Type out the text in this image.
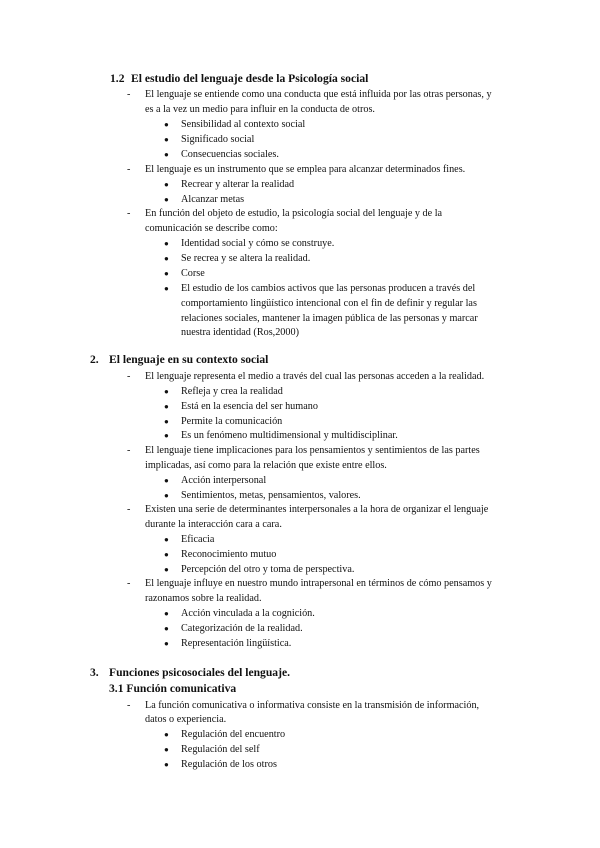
1.2 El estudio del lenguaje desde la Psicología social
- El lenguaje se entiende como una conducta que está influida por las otras personas, y
es a la vez un medio para influir en la conducta de otros.
● Sensibilidad al contexto social
● Significado social
● Consecuencias sociales.
- El lenguaje es un instrumento que se emplea para alcanzar determinados fines.
● Recrear y alterar la realidad
● Alcanzar metas
- En función del objeto de estudio, la psicología social del lenguaje y de la
comunicación se describe como:
● Identidad social y cómo se construye.
● Se recrea y se altera la realidad.
● Corse
● El estudio de los cambios activos que las personas producen a través del
comportamiento lingüístico intencional con el fin de definir y regular las
relaciones sociales, mantener la imagen pública de las personas y marcar
nuestra identidad (Ros,2000)
2. El lenguaje en su contexto social
- El lenguaje representa el medio a través del cual las personas acceden a la realidad.
● Refleja y crea la realidad
● Está en la esencia del ser humano
● Permite la comunicación
● Es un fenómeno multidimensional y multidisciplinar.
- El lenguaje tiene implicaciones para los pensamientos y sentimientos de las partes
implicadas, así como para la relación que existe entre ellos.
● Acción interpersonal
● Sentimientos, metas, pensamientos, valores.
- Existen una serie de determinantes interpersonales a la hora de organizar el lenguaje
durante la interacción cara a cara.
● Eficacia
● Reconocimiento mutuo
● Percepción del otro y toma de perspectiva.
- El lenguaje influye en nuestro mundo intrapersonal en términos de cómo pensamos y
razonamos sobre la realidad.
● Acción vinculada a la cognición.
● Categorización de la realidad.
● Representación lingüística.
3. Funciones psicosociales del lenguaje.
3.1 Función comunicativa
- La función comunicativa o informativa consiste en la transmisión de información,
datos o experiencia.
● Regulación del encuentro
● Regulación del self
● Regulación de los otros
